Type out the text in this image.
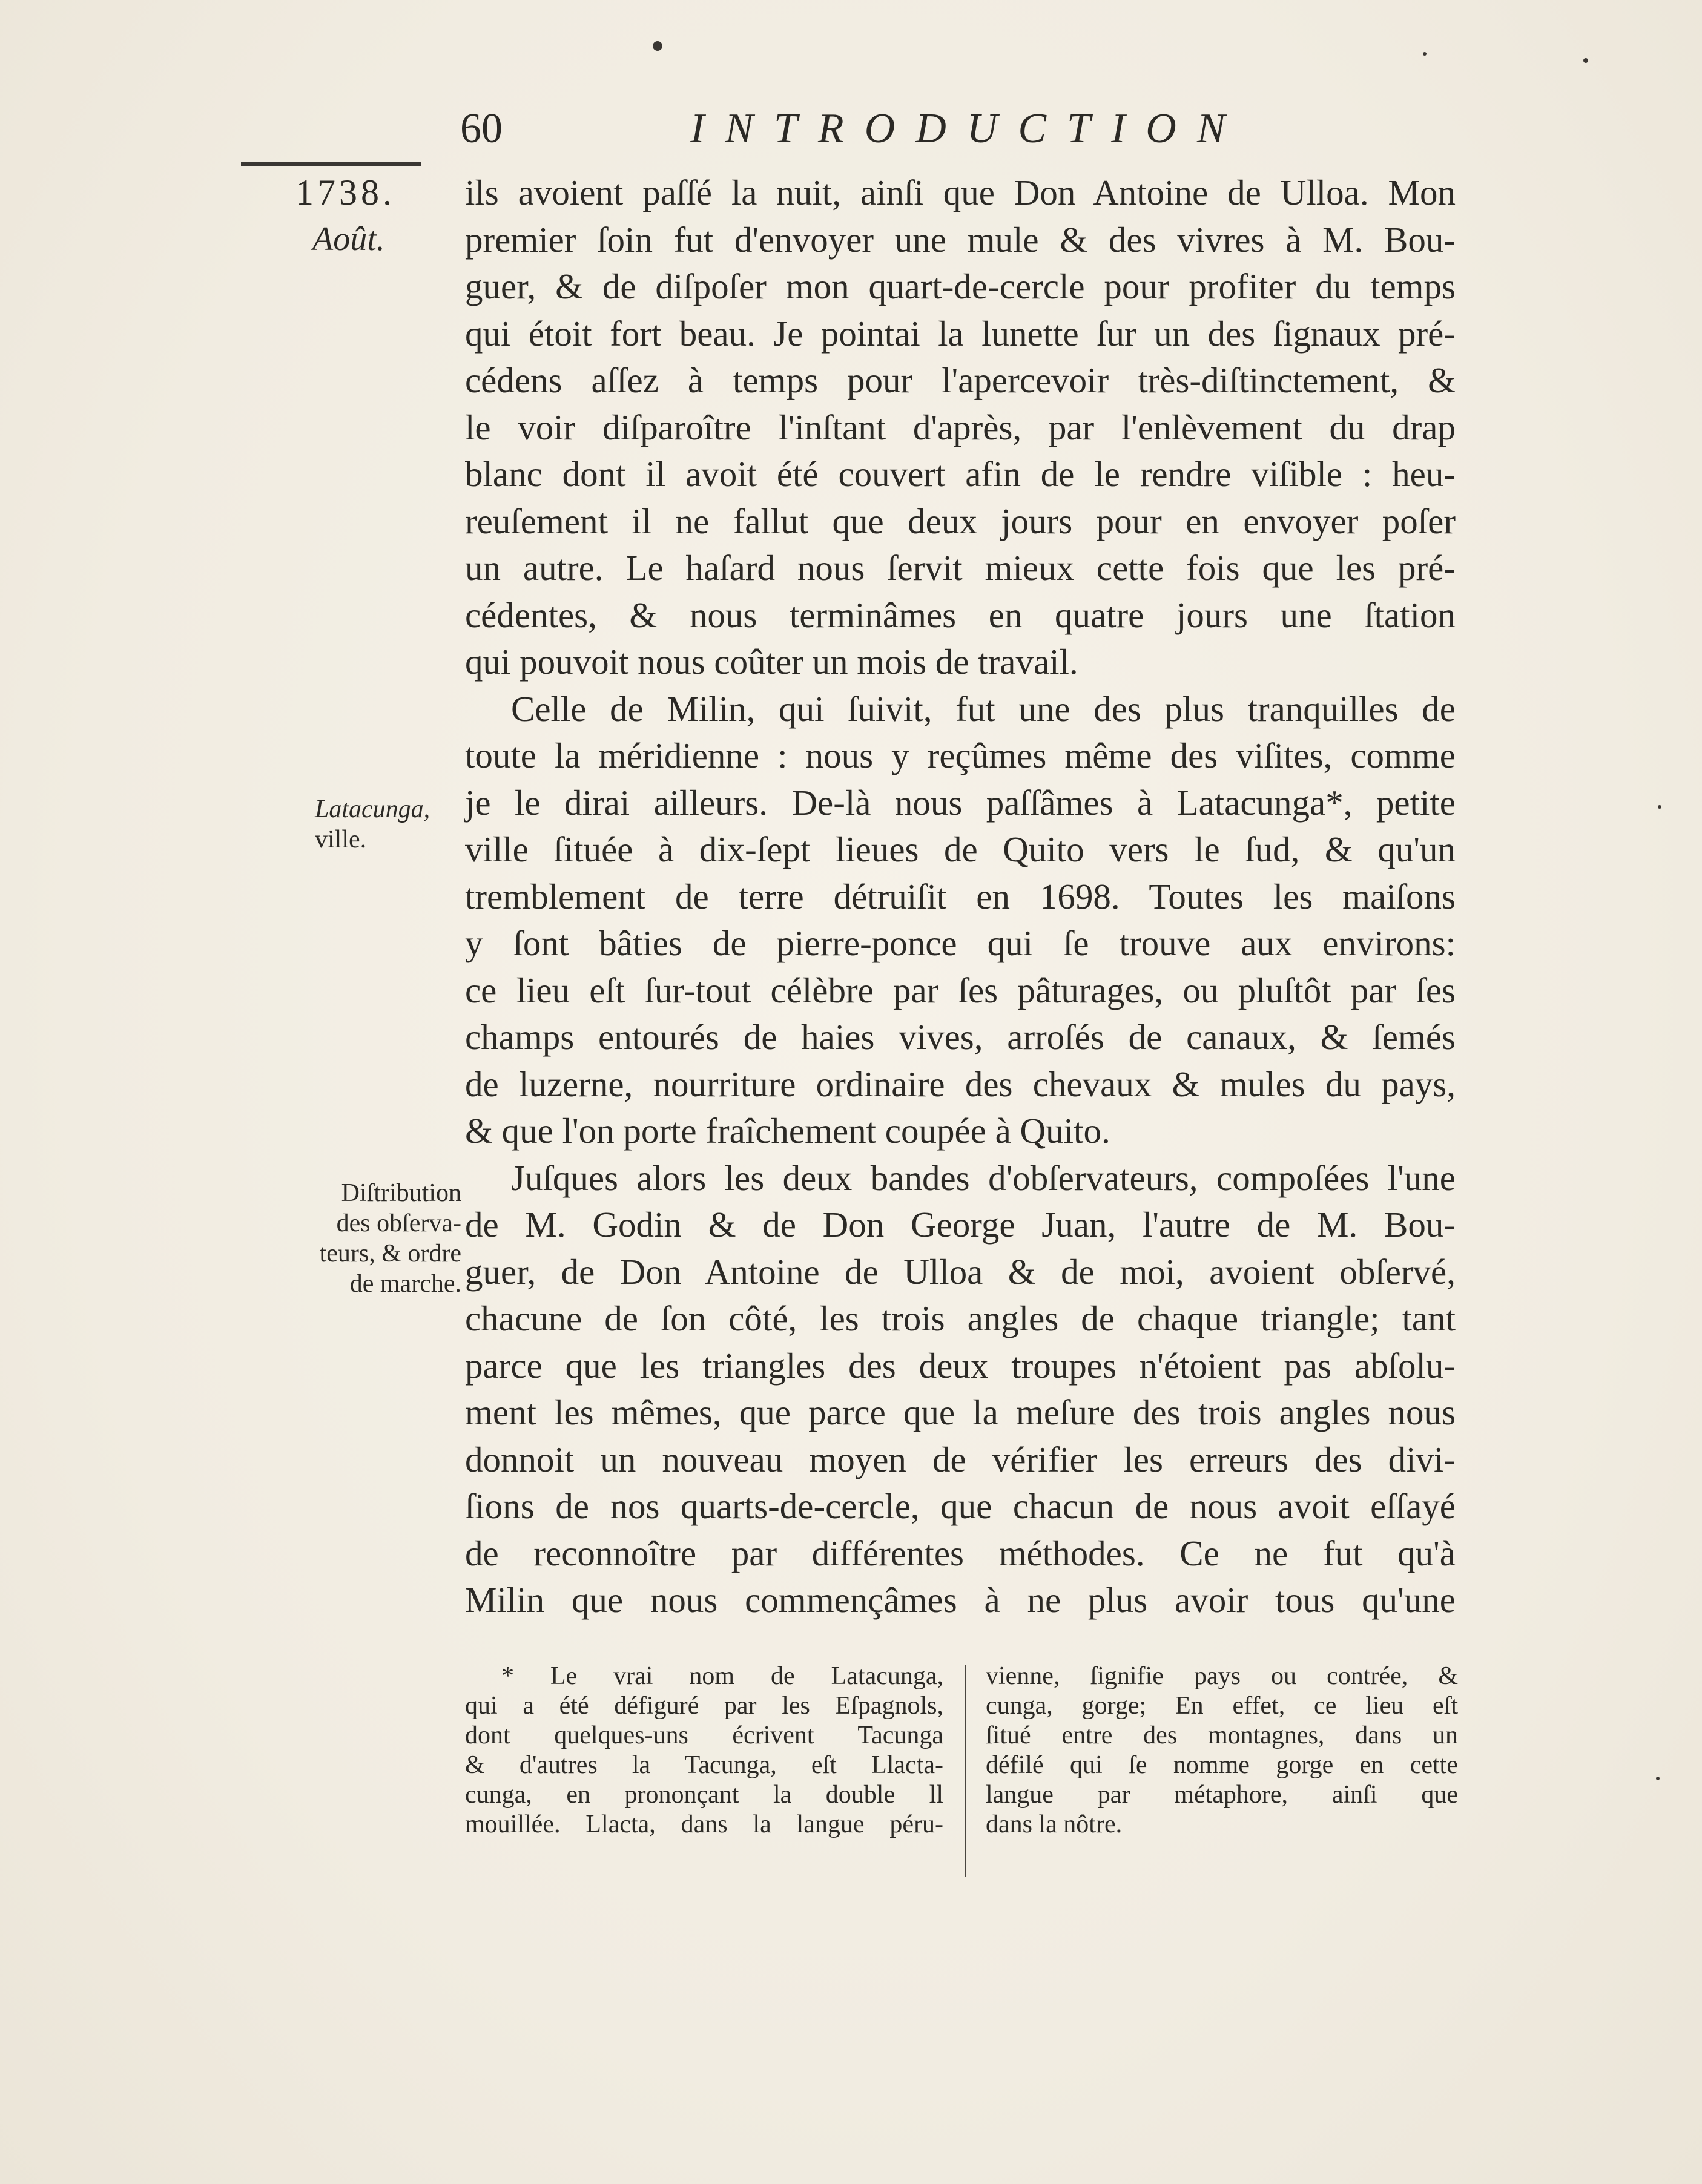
60	INTRODUCTION
1738.
Août.
Latacunga,
ville.
Diſtribution
des obſerva-
teurs, & ordre
de marche.
ils avoient paſſé la nuit, ainſi que Don Antoine de Ulloa. Mon
premier ſoin fut d'envoyer une mule & des vivres à M. Bou-
guer, & de diſpoſer mon quart-de-cercle pour profiter du temps
qui étoit fort beau. Je pointai la lunette ſur un des ſignaux pré-
cédens aſſez à temps pour l'apercevoir très-diſtinctement, &
le voir diſparoître l'inſtant d'après, par l'enlèvement du drap
blanc dont il avoit été couvert afin de le rendre viſible : heu-
reuſement il ne fallut que deux jours pour en envoyer poſer
un autre. Le haſard nous ſervit mieux cette fois que les pré-
cédentes, & nous terminâmes en quatre jours une ſtation
qui pouvoit nous coûter un mois de travail.
Celle de Milin, qui ſuivit, fut une des plus tranquilles de
toute la méridienne : nous y reçûmes même des viſites, comme
je le dirai ailleurs. De-là nous paſſâmes à Latacunga*, petite
ville ſituée à dix-ſept lieues de Quito vers le ſud, & qu'un
tremblement de terre détruiſit en 1698. Toutes les maiſons
y ſont bâties de pierre-ponce qui ſe trouve aux environs:
ce lieu eſt ſur-tout célèbre par ſes pâturages, ou pluſtôt par ſes
champs entourés de haies vives, arroſés de canaux, & ſemés
de luzerne, nourriture ordinaire des chevaux & mules du pays,
& que l'on porte fraîchement coupée à Quito.
Juſques alors les deux bandes d'obſervateurs, compoſées l'une
de M. Godin & de Don George Juan, l'autre de M. Bou-
guer, de Don Antoine de Ulloa & de moi, avoient obſervé,
chacune de ſon côté, les trois angles de chaque triangle; tant
parce que les triangles des deux troupes n'étoient pas abſolu-
ment les mêmes, que parce que la meſure des trois angles nous
donnoit un nouveau moyen de vérifier les erreurs des divi-
ſions de nos quarts-de-cercle, que chacun de nous avoit eſſayé
de reconnoître par différentes méthodes. Ce ne fut qu'à
Milin que nous commençâmes à ne plus avoir tous qu'une
* Le vrai nom de Latacunga,
qui a été défiguré par les Eſpagnols,
dont quelques-uns écrivent Tacunga
& d'autres la Tacunga, eſt Llacta-
cunga, en prononçant la double ll
mouillée. Llacta, dans la langue péru-
vienne, ſignifie pays ou contrée, &
cunga, gorge; En effet, ce lieu eſt
ſitué entre des montagnes, dans un
défilé qui ſe nomme gorge en cette
langue par métaphore, ainſi que
dans la nôtre.
